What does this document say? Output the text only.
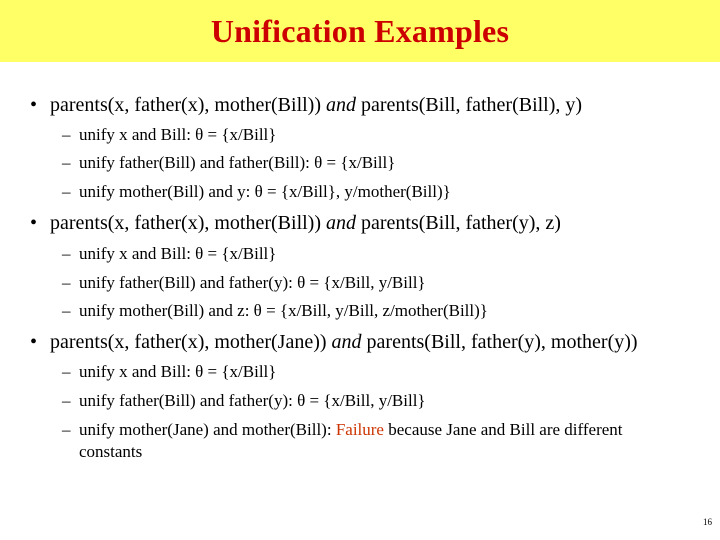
Unification Examples
• parents(x, father(x), mother(Bill)) and parents(Bill, father(Bill), y)
– unify x and Bill: θ = {x/Bill}
– unify father(Bill) and father(Bill): θ = {x/Bill}
– unify mother(Bill) and y: θ = {x/Bill}, y/mother(Bill)}
• parents(x, father(x), mother(Bill)) and parents(Bill, father(y), z)
– unify x and Bill: θ = {x/Bill}
– unify father(Bill) and father(y): θ = {x/Bill, y/Bill}
– unify mother(Bill) and z: θ = {x/Bill, y/Bill, z/mother(Bill)}
• parents(x, father(x), mother(Jane)) and parents(Bill, father(y), mother(y))
– unify x and Bill: θ = {x/Bill}
– unify father(Bill) and father(y): θ = {x/Bill, y/Bill}
– unify mother(Jane) and mother(Bill): Failure because Jane and Bill are different constants
16
